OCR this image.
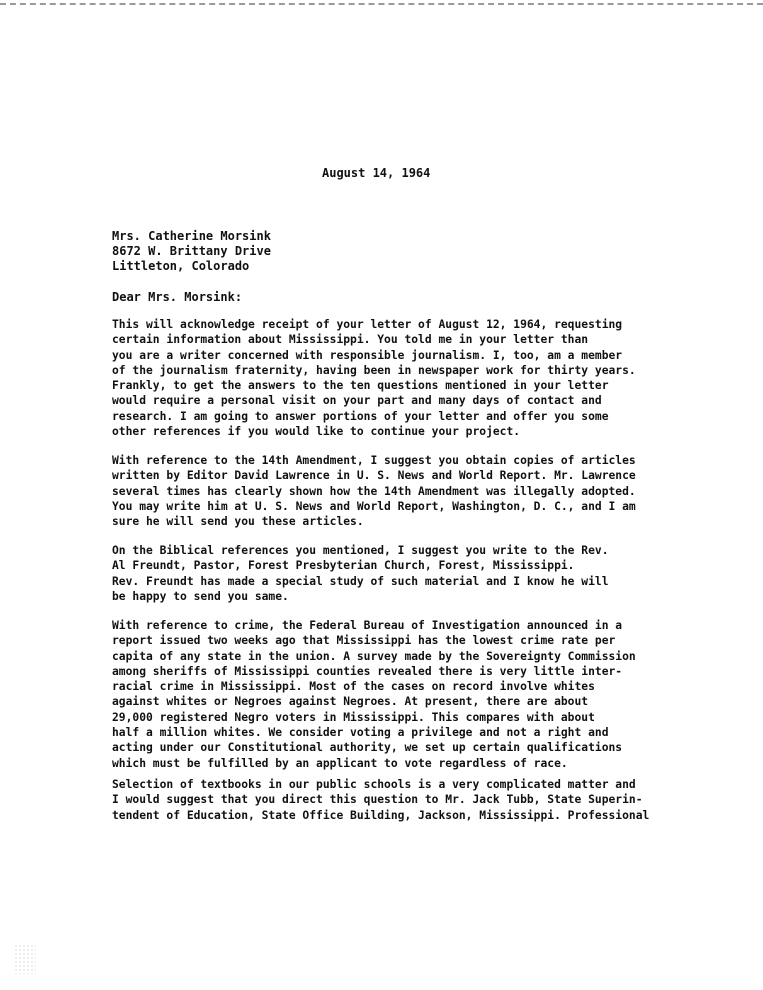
August 14, 1964
Mrs. Catherine Morsink
8672 W. Brittany Drive
Littleton, Colorado
Dear Mrs. Morsink:
This will acknowledge receipt of your letter of August 12, 1964, requesting
certain information about Mississippi. You told me in your letter than
you are a writer concerned with responsible journalism. I, too, am a member
of the journalism fraternity, having been in newspaper work for thirty years.
Frankly, to get the answers to the ten questions mentioned in your letter
would require a personal visit on your part and many days of contact and
research. I am going to answer portions of your letter and offer you some
other references if you would like to continue your project.
With reference to the 14th Amendment, I suggest you obtain copies of articles
written by Editor David Lawrence in U. S. News and World Report. Mr. Lawrence
several times has clearly shown how the 14th Amendment was illegally adopted.
You may write him at U. S. News and World Report, Washington, D. C., and I am
sure he will send you these articles.
On the Biblical references you mentioned, I suggest you write to the Rev.
Al Freundt, Pastor, Forest Presbyterian Church, Forest, Mississippi.
Rev. Freundt has made a special study of such material and I know he will
be happy to send you same.
With reference to crime, the Federal Bureau of Investigation announced in a
report issued two weeks ago that Mississippi has the lowest crime rate per
capita of any state in the union. A survey made by the Sovereignty Commission
among sheriffs of Mississippi counties revealed there is very little inter-
racial crime in Mississippi. Most of the cases on record involve whites
against whites or Negroes against Negroes. At present, there are about
29,000 registered Negro voters in Mississippi. This compares with about
half a million whites. We consider voting a privilege and not a right and
acting under our Constitutional authority, we set up certain qualifications
which must be fulfilled by an applicant to vote regardless of race.
Selection of textbooks in our public schools is a very complicated matter and
I would suggest that you direct this question to Mr. Jack Tubb, State Superin-
tendent of Education, State Office Building, Jackson, Mississippi. Professional
